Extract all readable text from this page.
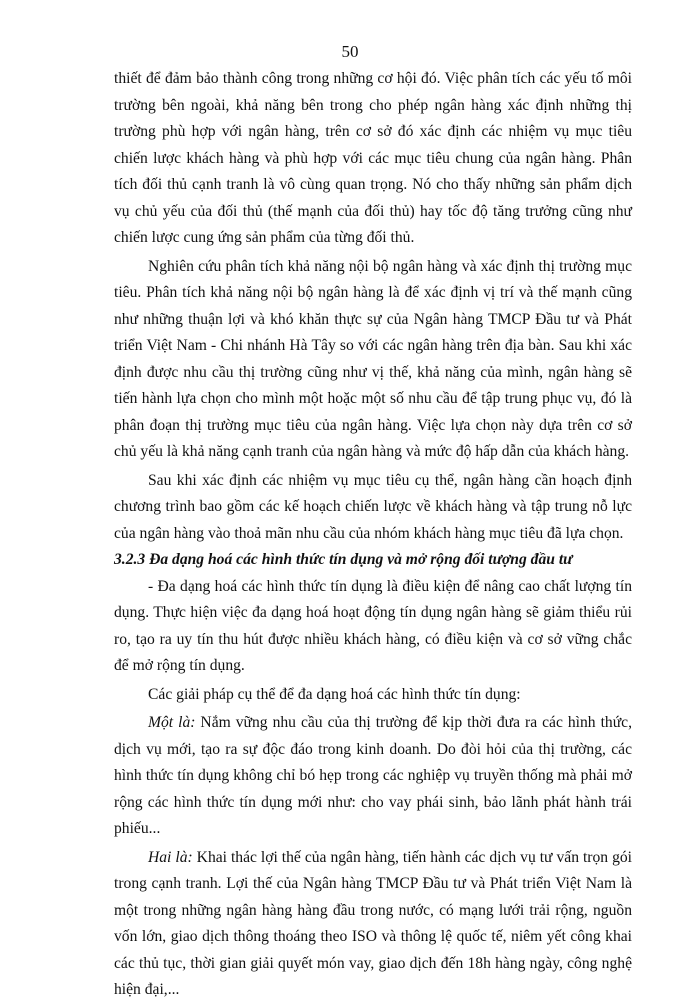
50

thiết để đảm bảo thành công trong những cơ hội đó. Việc phân tích các yếu tố môi trường bên ngoài, khả năng bên trong cho phép ngân hàng xác định những thị trường phù hợp với ngân hàng, trên cơ sở đó xác định các nhiệm vụ mục tiêu chiến lược khách hàng và phù hợp với các mục tiêu chung của ngân hàng. Phân tích đối thủ cạnh tranh là vô cùng quan trọng. Nó cho thấy những sản phẩm dịch vụ chủ yếu của đối thủ (thế mạnh của đối thủ) hay tốc độ tăng trưởng cũng như chiến lược cung ứng sản phẩm của từng đối thủ.

Nghiên cứu phân tích khả năng nội bộ ngân hàng và xác định thị trường mục tiêu. Phân tích khả năng nội bộ ngân hàng là để xác định vị trí và thế mạnh cũng như những thuận lợi và khó khăn thực sự của Ngân hàng TMCP Đầu tư và Phát triển Việt Nam - Chi nhánh Hà Tây so với các ngân hàng trên địa bàn. Sau khi xác định được nhu cầu thị trường cũng như vị thế, khả năng của mình, ngân hàng sẽ tiến hành lựa chọn cho mình một hoặc một số nhu cầu để tập trung phục vụ, đó là phân đoạn thị trường mục tiêu của ngân hàng. Việc lựa chọn này dựa trên cơ sở chủ yếu là khả năng cạnh tranh của ngân hàng và mức độ hấp dẫn của khách hàng.

Sau khi xác định các nhiệm vụ mục tiêu cụ thể, ngân hàng cần hoạch định chương trình bao gồm các kế hoạch chiến lược về khách hàng và tập trung nỗ lực của ngân hàng vào thoả mãn nhu cầu của nhóm khách hàng mục tiêu đã lựa chọn.

3.2.3 Đa dạng hoá các hình thức tín dụng và mở rộng đối tượng đầu tư

- Đa dạng hoá các hình thức tín dụng là điều kiện để nâng cao chất lượng tín dụng. Thực hiện việc đa dạng hoá hoạt động tín dụng ngân hàng sẽ giảm thiểu rủi ro, tạo ra uy tín thu hút được nhiều khách hàng, có điều kiện và cơ sở vững chắc để mở rộng tín dụng.

Các giải pháp cụ thể để đa dạng hoá các hình thức tín dụng:

Một là: Nắm vững nhu cầu của thị trường để kịp thời đưa ra các hình thức, dịch vụ mới, tạo ra sự độc đáo trong kinh doanh. Do đòi hỏi của thị trường, các hình thức tín dụng không chỉ bó hẹp trong các nghiệp vụ truyền thống mà phải mở rộng các hình thức tín dụng mới như: cho vay phái sinh, bảo lãnh phát hành trái phiếu...

Hai là: Khai thác lợi thế của ngân hàng, tiến hành các dịch vụ tư vấn trọn gói trong cạnh tranh. Lợi thế của Ngân hàng TMCP Đầu tư và Phát triển Việt Nam là một trong những ngân hàng hàng đầu trong nước, có mạng lưới trải rộng, nguồn vốn lớn, giao dịch thông thoáng theo ISO và thông lệ quốc tế, niêm yết công khai các thủ tục, thời gian giải quyết món vay, giao dịch đến 18h hàng ngày, công nghệ hiện đại,...
